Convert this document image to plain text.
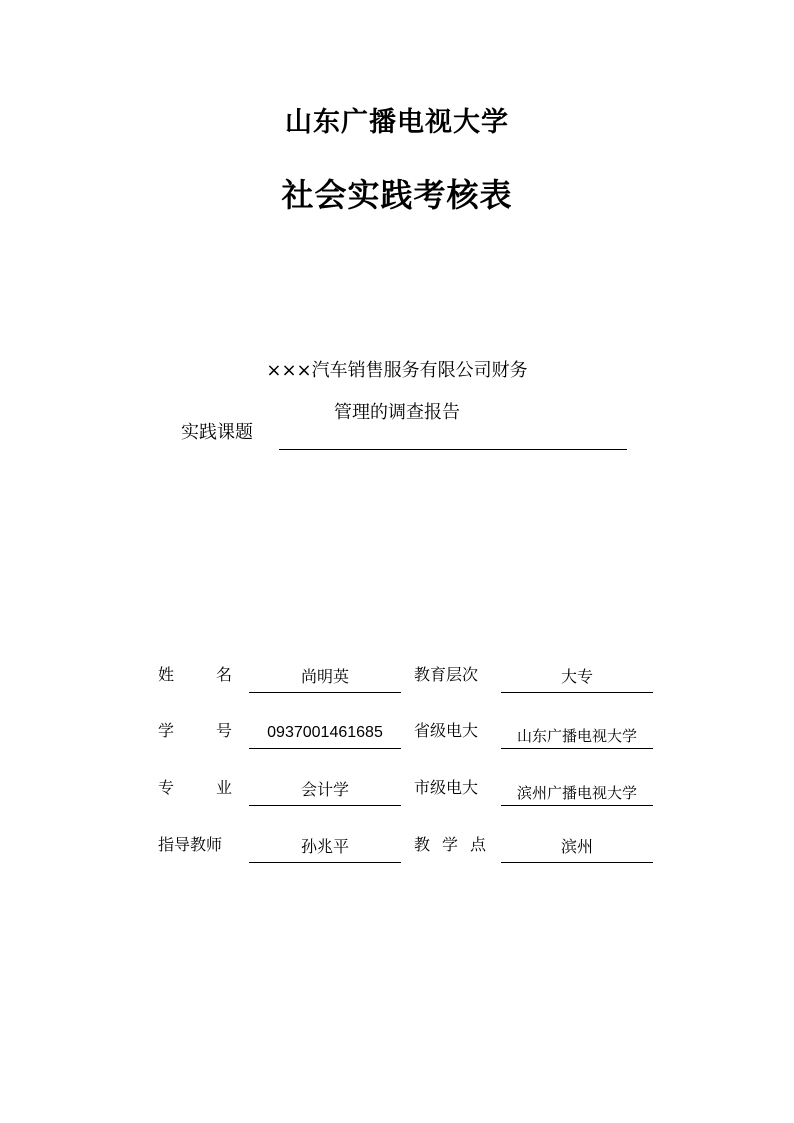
山东广播电视大学
社会实践考核表
×××汽车销售服务有限公司财务
管理的调查报告
实践课题
姓	名	尚明英	教育层次	大专
学	号	0937001461685	省级电大	山东广播电视大学
专	业	会计学	市级电大	滨州广播电视大学
指导教师	孙兆平	教 学 点	滨州
